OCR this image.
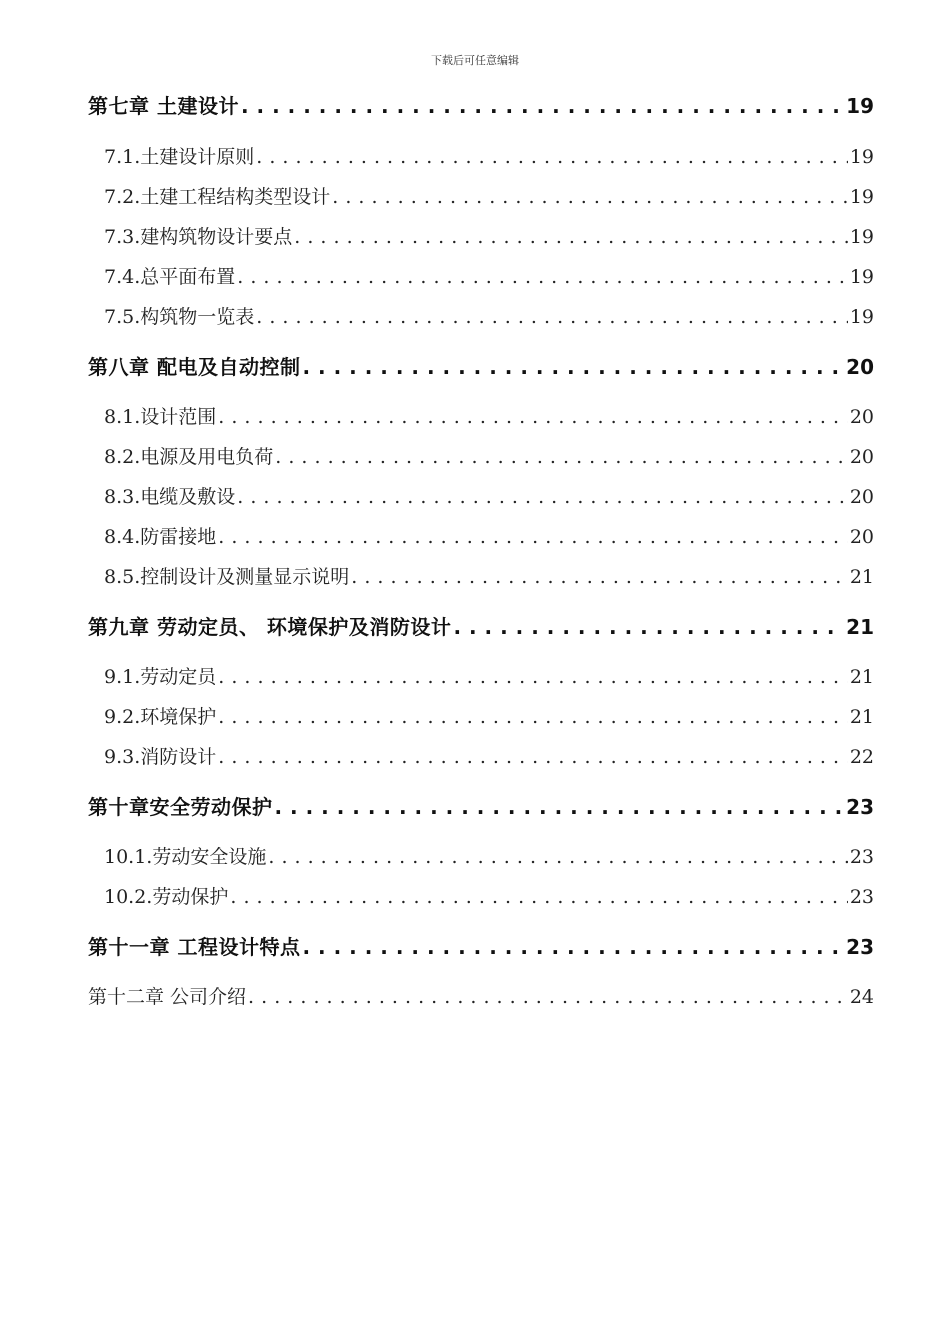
下载后可任意编辑
第七章 土建设计 . . .	19
7.1.土建设计原则 . . .	19
7.2.土建工程结构类型设计 . . .	19
7.3.建构筑物设计要点 . . .	19
7.4.总平面布置 . . .	19
7.5.构筑物一览表 . . .	19
第八章 配电及自动控制 . . .	20
8.1.设计范围 . . .	20
8.2.电源及用电负荷 . . .	20
8.3.电缆及敷设 . . .	20
8.4.防雷接地 . . .	20
8.5.控制设计及测量显示说明 . . .	21
第九章 劳动定员、 环境保护及消防设计 . . .	21
9.1.劳动定员 . . .	21
9.2.环境保护 . . .	21
9.3.消防设计 . . .	22
第十章安全劳动保护 . . .	23
10.1.劳动安全设施 . . .	23
10.2.劳动保护 . . .	23
第十一章 工程设计特点 . . .	23
第十二章 公司介绍 . . .	24
